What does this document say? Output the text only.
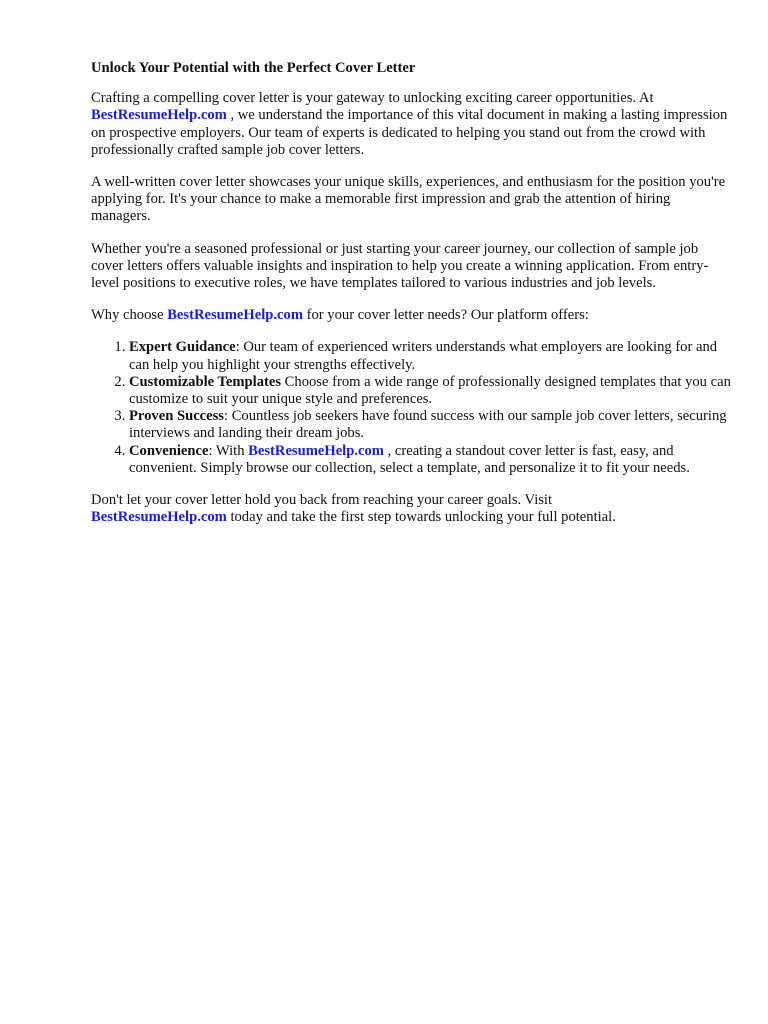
Unlock Your Potential with the Perfect Cover Letter

Crafting a compelling cover letter is your gateway to unlocking exciting career opportunities. At
BestResumeHelp.com , we understand the importance of this vital document in making a lasting impression on prospective employers. Our team of experts is dedicated to helping you stand out from the crowd with professionally crafted sample job cover letters.

A well-written cover letter showcases your unique skills, experiences, and enthusiasm for the position you're applying for. It's your chance to make a memorable first impression and grab the attention of hiring managers.

Whether you're a seasoned professional or just starting your career journey, our collection of sample job cover letters offers valuable insights and inspiration to help you create a winning application. From entry-level positions to executive roles, we have templates tailored to various industries and job levels.

Why choose BestResumeHelp.com for your cover letter needs? Our platform offers:

1. Expert Guidance: Our team of experienced writers understands what employers are looking for and can help you highlight your strengths effectively.
2. Customizable Templates Choose from a wide range of professionally designed templates that you can customize to suit your unique style and preferences.
3. Proven Success: Countless job seekers have found success with our sample job cover letters, securing interviews and landing their dream jobs.
4. Convenience: With BestResumeHelp.com , creating a standout cover letter is fast, easy, and convenient. Simply browse our collection, select a template, and personalize it to fit your needs.

Don't let your cover letter hold you back from reaching your career goals. Visit
BestResumeHelp.com today and take the first step towards unlocking your full potential.
